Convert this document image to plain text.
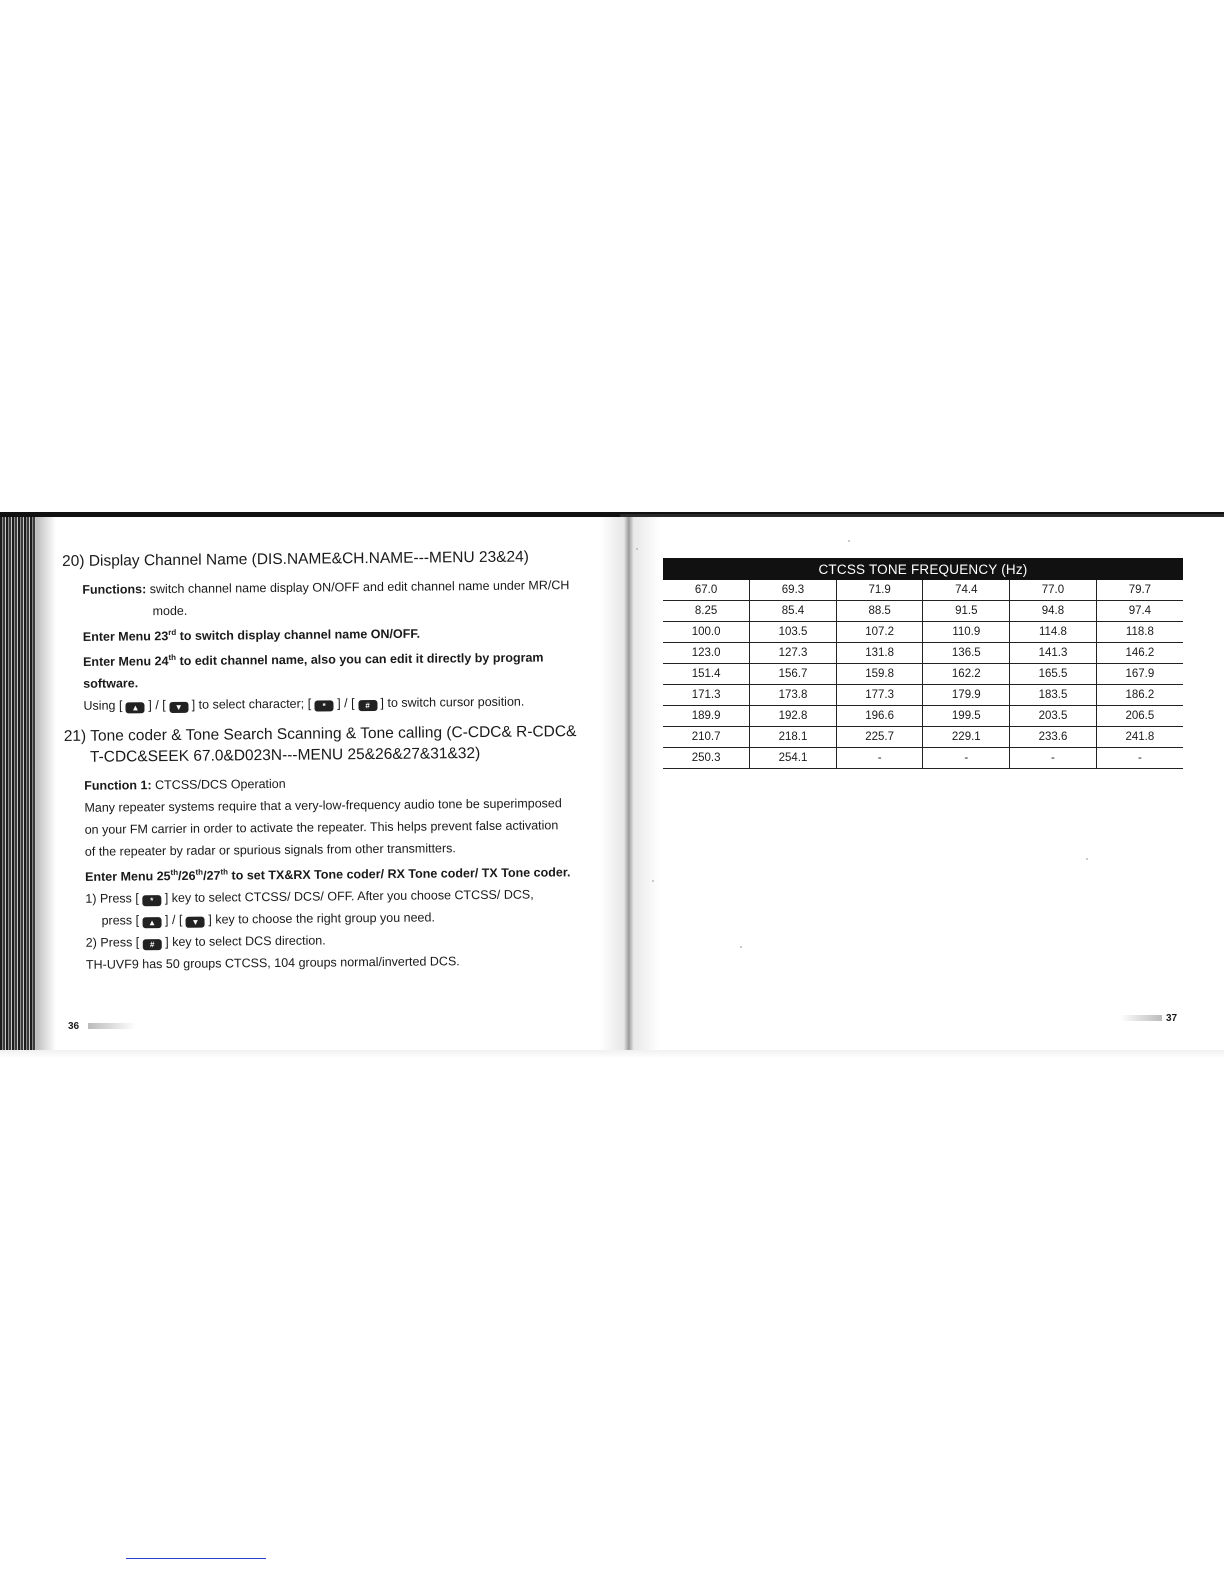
20) Display Channel Name (DIS.NAME&CH.NAME---MENU 23&24)
Functions: switch channel name display ON/OFF and edit channel name under MR/CH
mode.
Enter Menu 23rd to switch display channel name ON/OFF.
Enter Menu 24th to edit channel name, also you can edit it directly by program
software.
Using [ ▲ ] / [ ▼ ] to select character; [ * ] / [ # ] to switch cursor position.
21) Tone coder & Tone Search Scanning & Tone calling (C-CDC& R-CDC&
T-CDC&SEEK 67.0&D023N---MENU 25&26&27&31&32)
Function 1: CTCSS/DCS Operation
Many repeater systems require that a very-low-frequency audio tone be superimposed
on your FM carrier in order to activate the repeater. This helps prevent false activation
of the repeater by radar or spurious signals from other transmitters.
Enter Menu 25th/26th/27th to set TX&RX Tone coder/ RX Tone coder/ TX Tone coder.
1) Press [ * ] key to select CTCSS/ DCS/ OFF. After you choose CTCSS/ DCS,
press [ ▲ ] / [ ▼ ] key to choose the right group you need.
2) Press [ # ] key to select DCS direction.
TH-UVF9 has 50 groups CTCSS, 104 groups normal/inverted DCS.
36
CTCSS TONE FREQUENCY (Hz)					
67.0	69.3	71.9	74.4	77.0	79.7
8.25	85.4	88.5	91.5	94.8	97.4
100.0	103.5	107.2	110.9	114.8	118.8
123.0	127.3	131.8	136.5	141.3	146.2
151.4	156.7	159.8	162.2	165.5	167.9
171.3	173.8	177.3	179.9	183.5	186.2
189.9	192.8	196.6	199.5	203.5	206.5
210.7	218.1	225.7	229.1	233.6	241.8
250.3	254.1	-	-	-	-
37
